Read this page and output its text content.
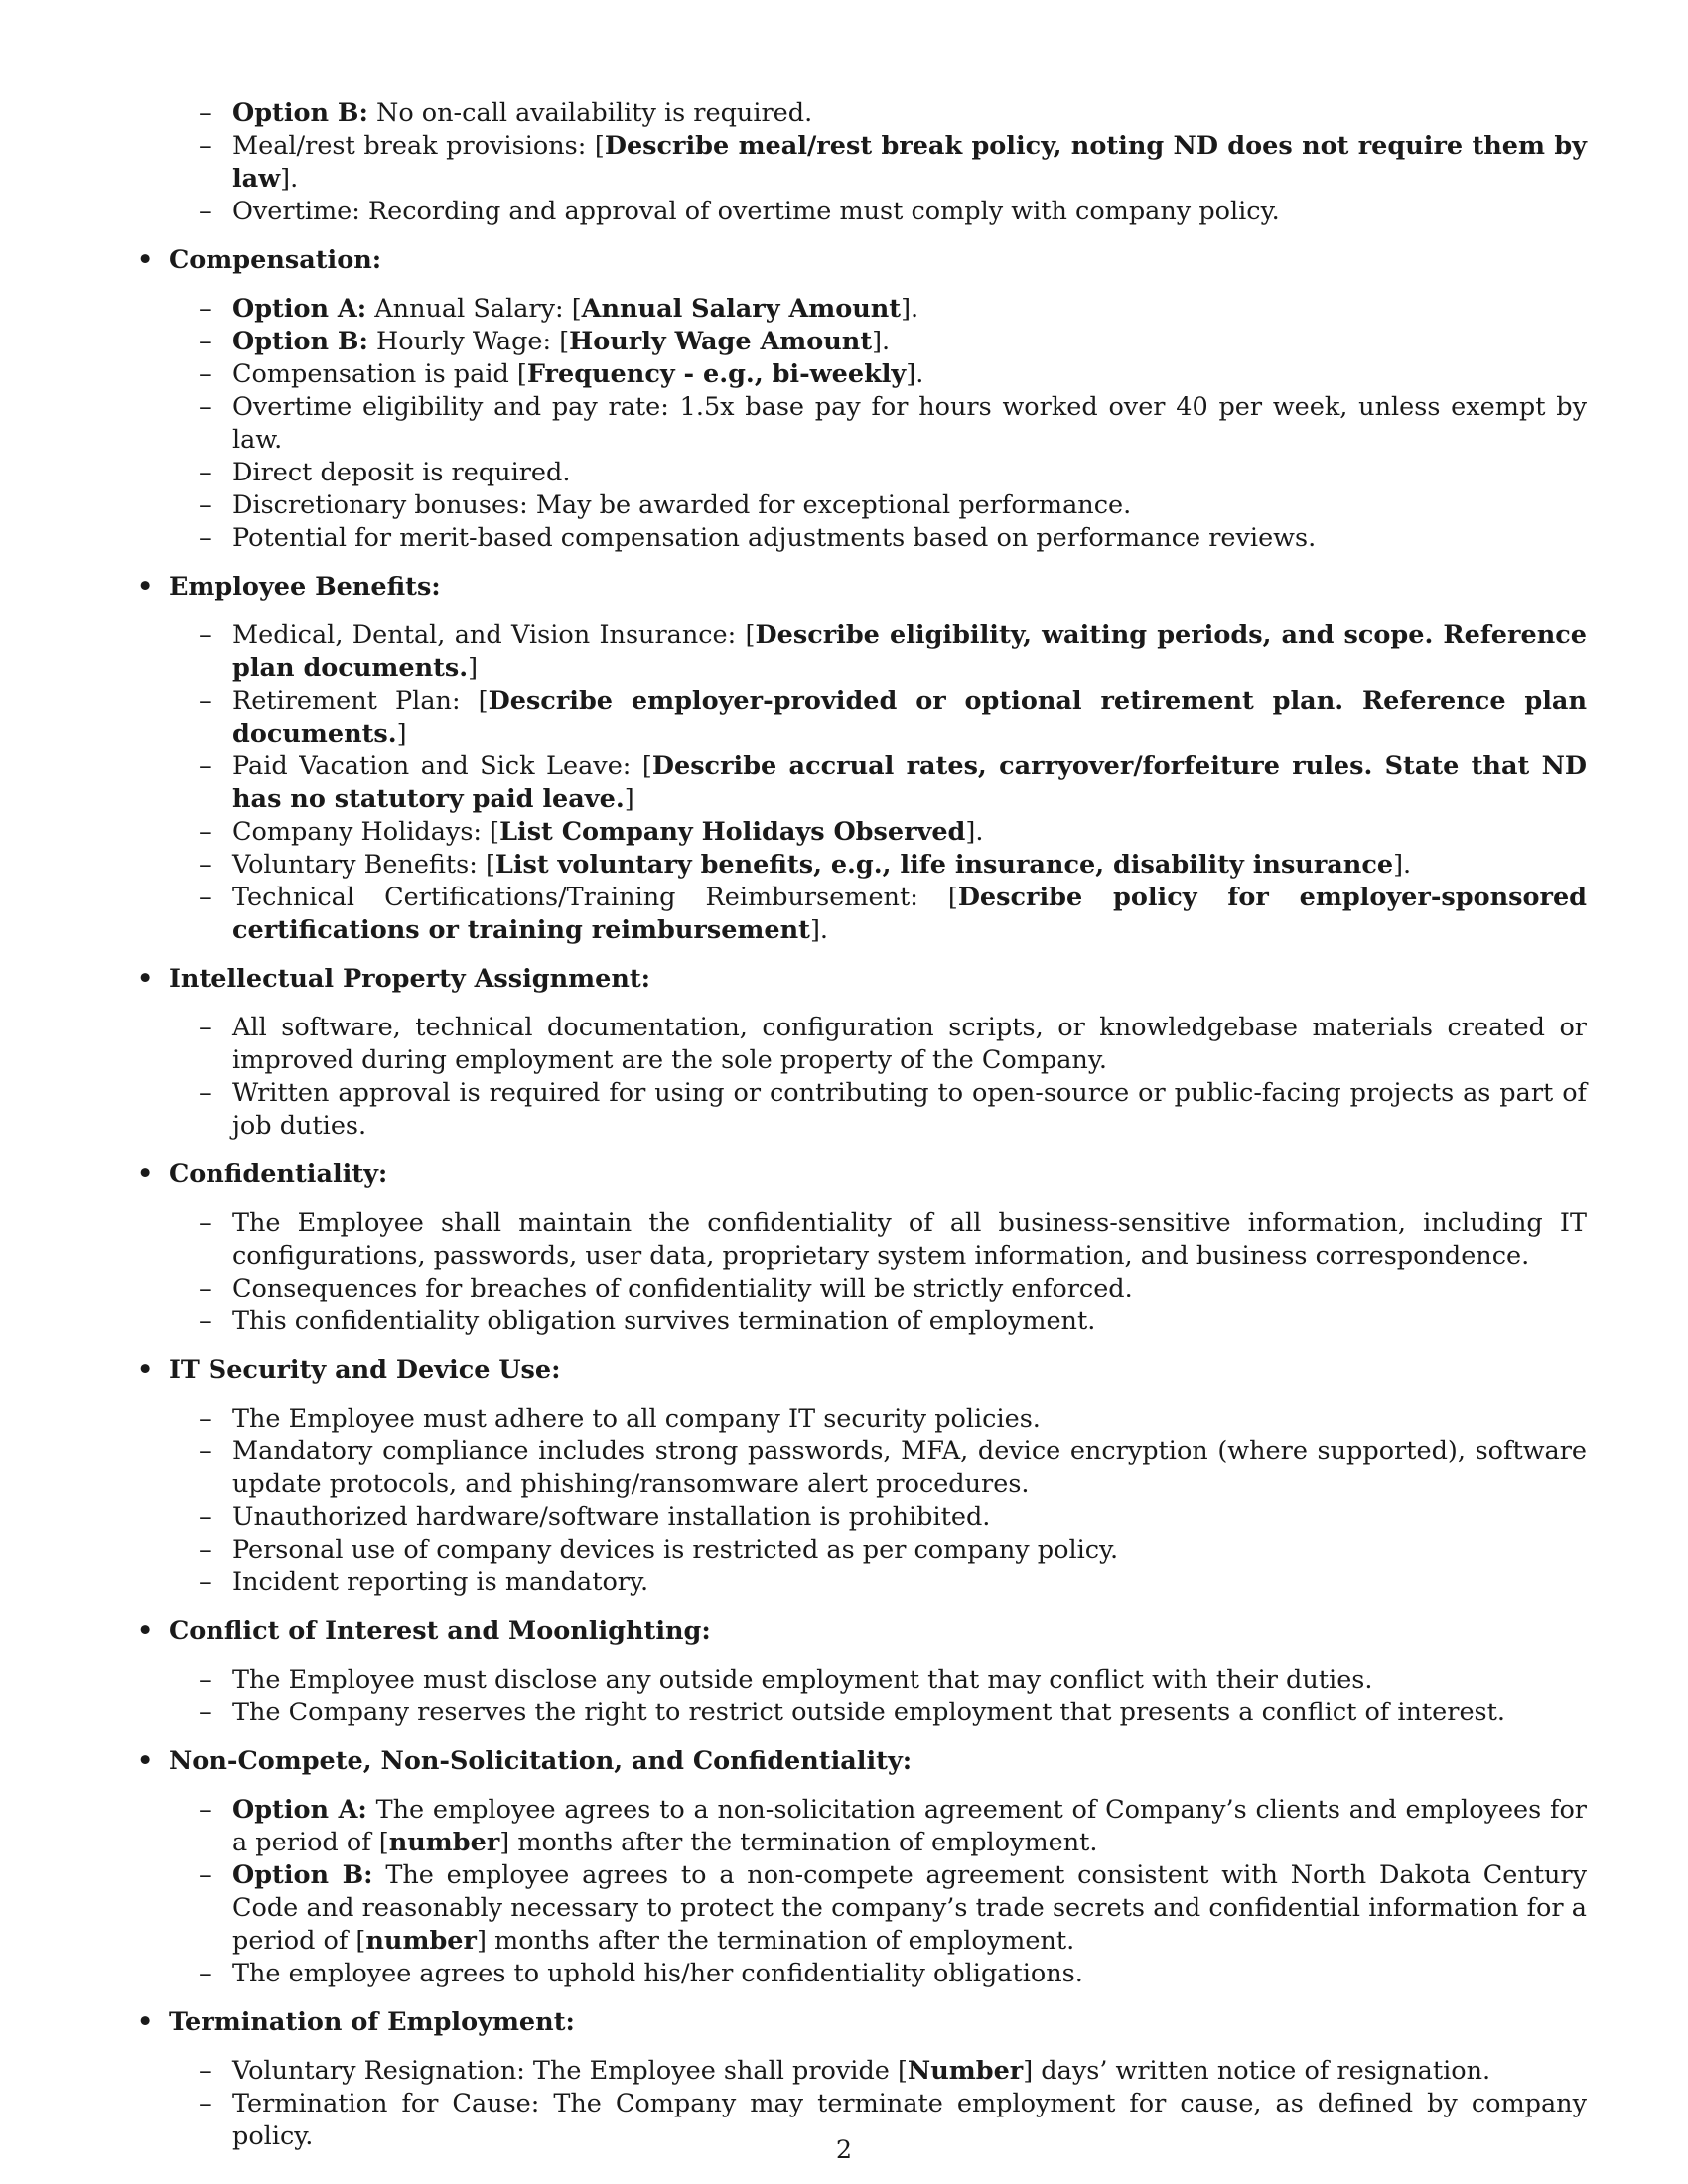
– Option B: No on-call availability is required.
– Meal/rest break provisions: [Describe meal/rest break policy, noting ND does not require them by law].
– Overtime: Recording and approval of overtime must comply with company policy.
• Compensation:
– Option A: Annual Salary: [Annual Salary Amount].
– Option B: Hourly Wage: [Hourly Wage Amount].
– Compensation is paid [Frequency - e.g., bi-weekly].
– Overtime eligibility and pay rate: 1.5x base pay for hours worked over 40 per week, unless exempt by law.
– Direct deposit is required.
– Discretionary bonuses: May be awarded for exceptional performance.
– Potential for merit-based compensation adjustments based on performance reviews.
• Employee Benefits:
– Medical, Dental, and Vision Insurance: [Describe eligibility, waiting periods, and scope. Reference plan documents.]
– Retirement Plan: [Describe employer-provided or optional retirement plan. Reference plan documents.]
– Paid Vacation and Sick Leave: [Describe accrual rates, carryover/forfeiture rules. State that ND has no statutory paid leave.]
– Company Holidays: [List Company Holidays Observed].
– Voluntary Benefits: [List voluntary benefits, e.g., life insurance, disability insurance].
– Technical Certifications/Training Reimbursement: [Describe policy for employer-sponsored certifications or training reimbursement].
• Intellectual Property Assignment:
– All software, technical documentation, configuration scripts, or knowledgebase materials created or improved during employment are the sole property of the Company.
– Written approval is required for using or contributing to open-source or public-facing projects as part of job duties.
• Confidentiality:
– The Employee shall maintain the confidentiality of all business-sensitive information, including IT configurations, passwords, user data, proprietary system information, and business correspondence.
– Consequences for breaches of confidentiality will be strictly enforced.
– This confidentiality obligation survives termination of employment.
• IT Security and Device Use:
– The Employee must adhere to all company IT security policies.
– Mandatory compliance includes strong passwords, MFA, device encryption (where supported), software update protocols, and phishing/ransomware alert procedures.
– Unauthorized hardware/software installation is prohibited.
– Personal use of company devices is restricted as per company policy.
– Incident reporting is mandatory.
• Conflict of Interest and Moonlighting:
– The Employee must disclose any outside employment that may conflict with their duties.
– The Company reserves the right to restrict outside employment that presents a conflict of interest.
• Non-Compete, Non-Solicitation, and Confidentiality:
– Option A: The employee agrees to a non-solicitation agreement of Company’s clients and employees for a period of [number] months after the termination of employment.
– Option B: The employee agrees to a non-compete agreement consistent with North Dakota Century Code and reasonably necessary to protect the company’s trade secrets and confidential information for a period of [number] months after the termination of employment.
– The employee agrees to uphold his/her confidentiality obligations.
• Termination of Employment:
– Voluntary Resignation: The Employee shall provide [Number] days’ written notice of resignation.
– Termination for Cause: The Company may terminate employment for cause, as defined by company policy.	2
